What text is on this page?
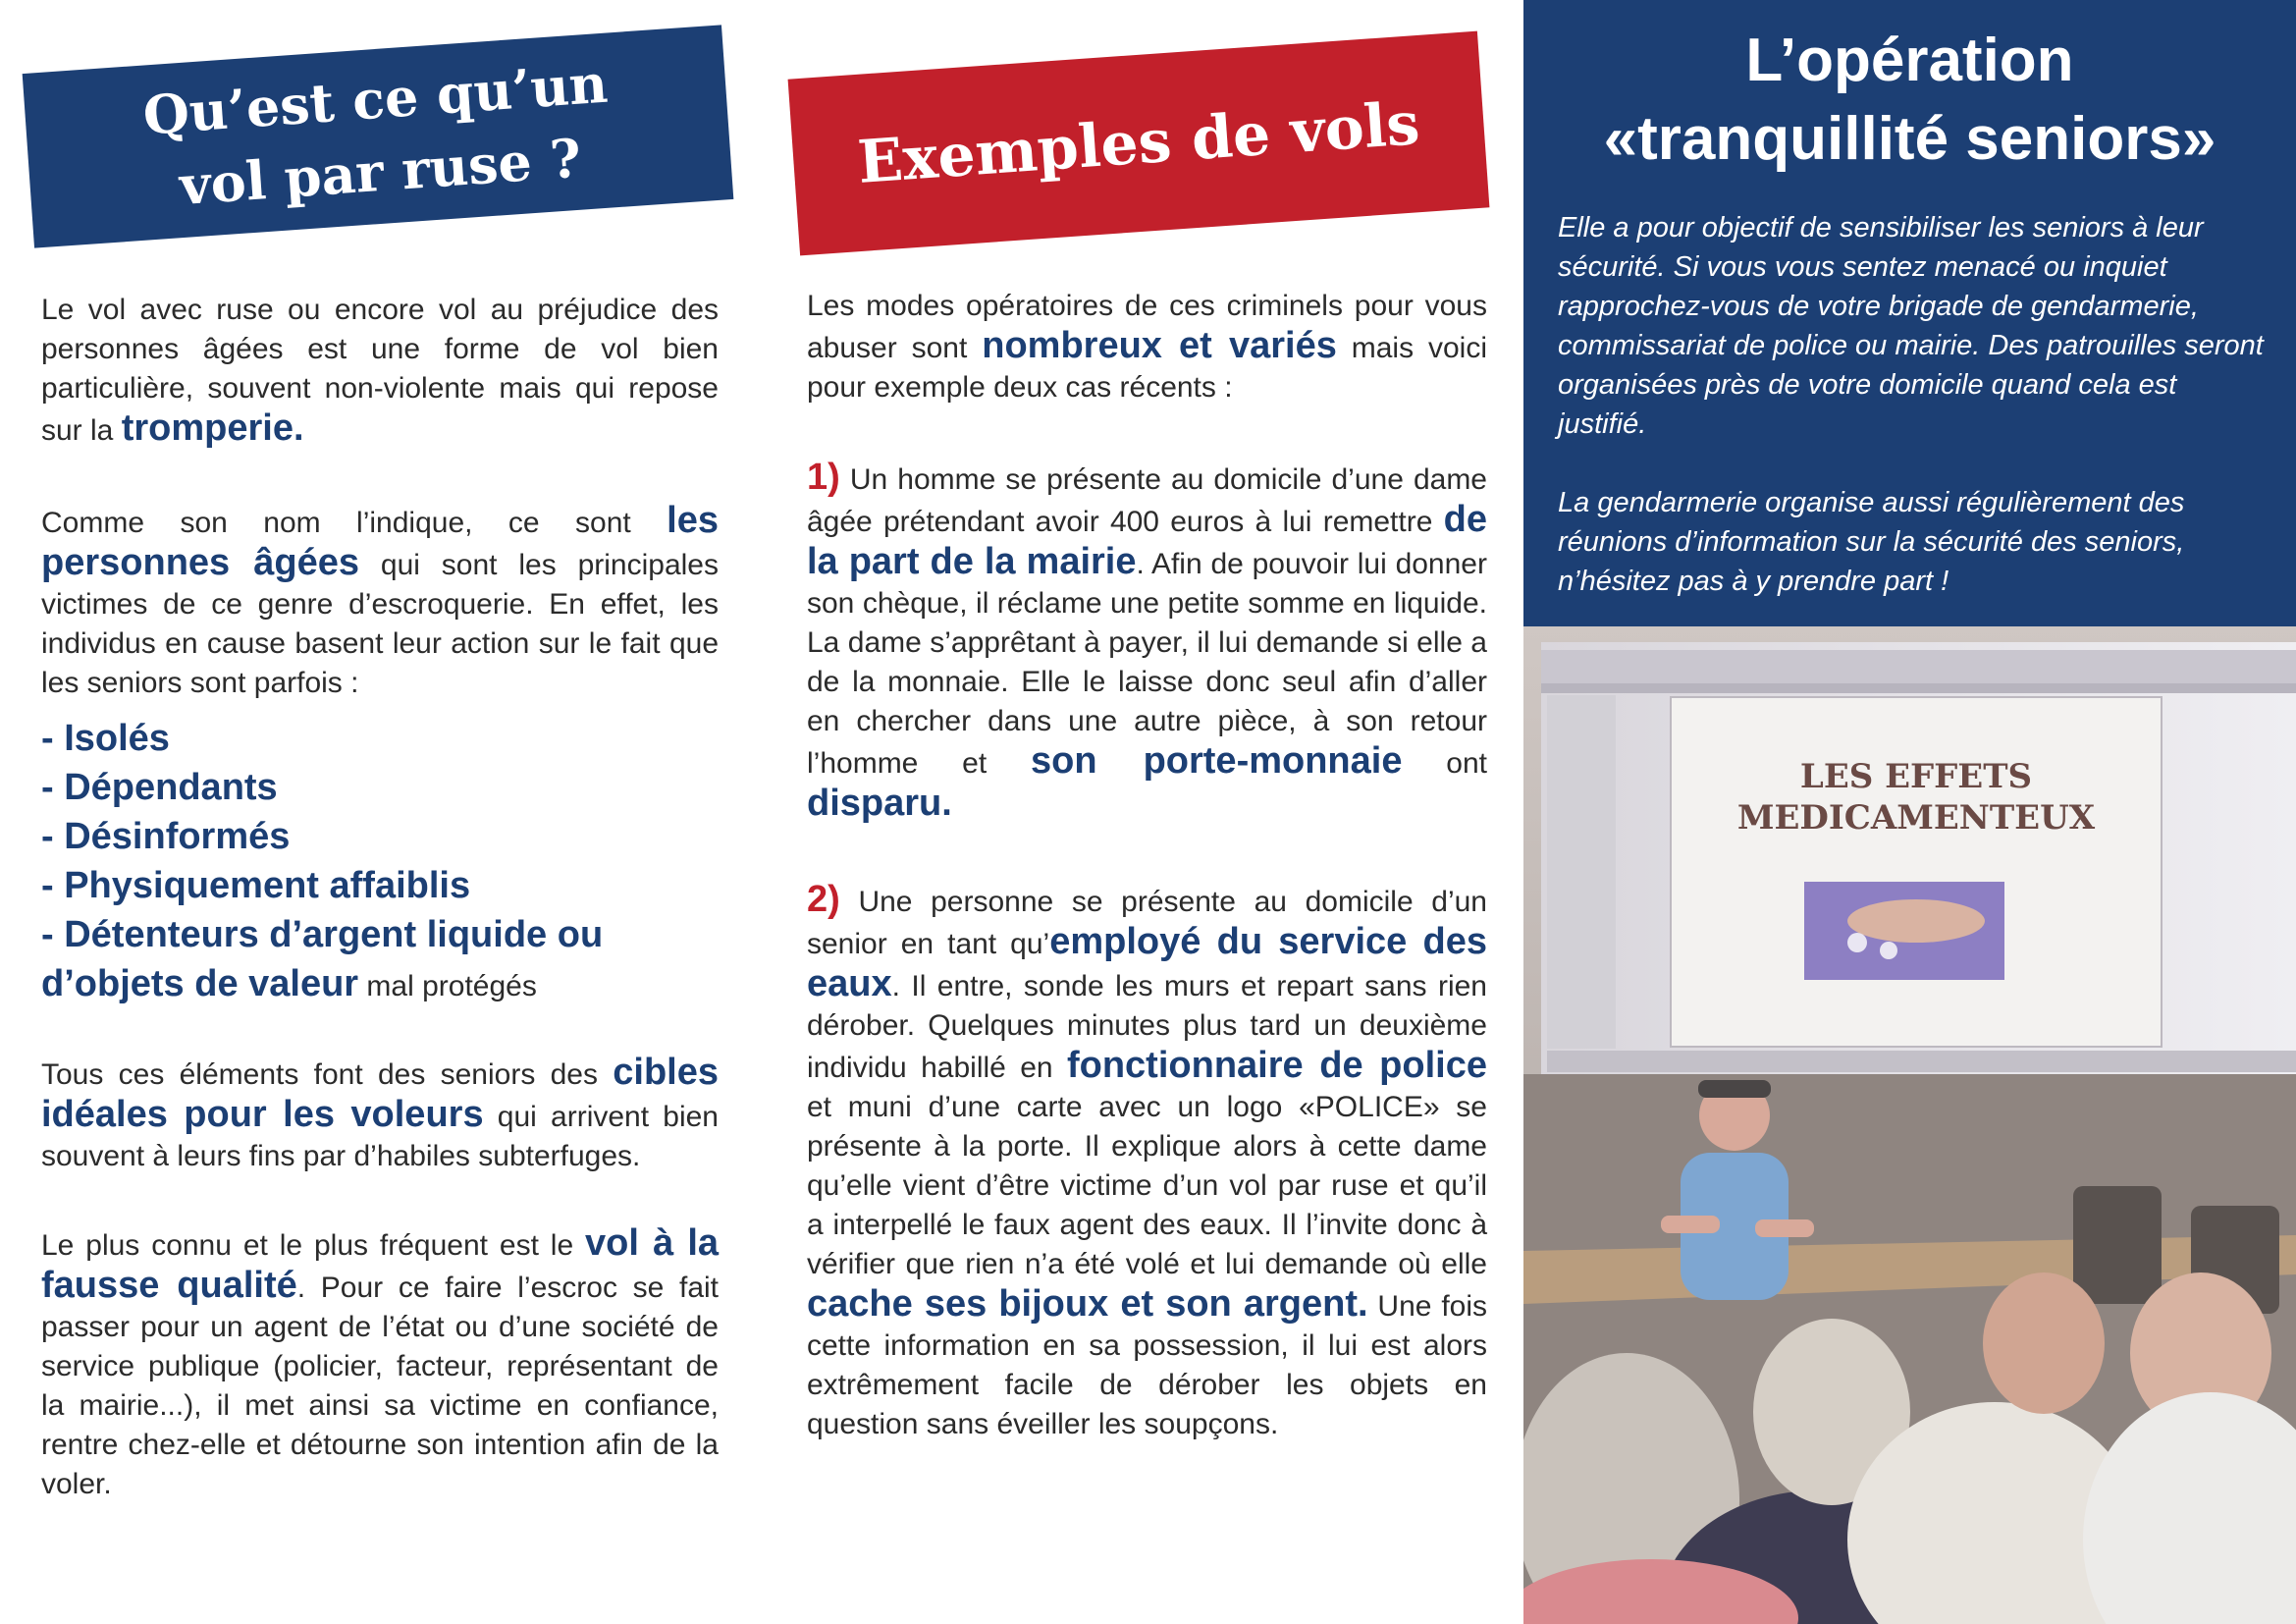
Qu’est ce qu’un
vol par ruse ?

Le vol avec ruse ou encore vol au préjudice des personnes âgées est une forme de vol bien particulière, souvent non-violente mais qui repose sur la tromperie.

Comme son nom l’indique, ce sont les personnes âgées qui sont les principales victimes de ce genre d’escroquerie. En effet, les individus en cause basent leur action sur le fait que les seniors sont parfois :

- Isolés
- Dépendants
- Désinformés
- Physiquement affaiblis
- Détenteurs d’argent liquide ou
d’objets de valeur mal protégés

Tous ces éléments font des seniors des cibles idéales pour les voleurs qui arrivent bien souvent à leurs fins par d’habiles subterfuges.

Le plus connu et le plus fréquent est le vol à la fausse qualité. Pour ce faire l’escroc se fait passer pour un agent de l’état ou d’une société de service publique (policier, facteur, représentant de la mairie...), il met ainsi sa victime en confiance, rentre chez-elle et détourne son intention afin de la voler.

Exemples de vols

Les modes opératoires de ces criminels pour vous abuser sont nombreux et variés mais voici pour exemple deux cas récents :

1) Un homme se présente au domicile d’une dame âgée prétendant avoir 400 euros à lui remettre de la part de la mairie. Afin de pouvoir lui donner son chèque, il réclame une petite somme en liquide. La dame s’apprêtant à payer, il lui demande si elle a de la monnaie. Elle le laisse donc seul afin d’aller en chercher dans une autre pièce, à son retour l’homme et son porte-monnaie ont disparu.

2) Une personne se présente au domicile d’un senior en tant qu’employé du service des eaux. Il entre, sonde les murs et repart sans rien dérober. Quelques minutes plus tard un deuxième individu habillé en fonctionnaire de police et muni d’une carte avec un logo «POLICE» se présente à la porte. Il explique alors à cette dame qu’elle vient d’être victime d’un vol par ruse et qu’il a interpellé le faux agent des eaux. Il l’invite donc à vérifier que rien n’a été volé et lui demande où elle cache ses bijoux et son argent. Une fois cette information en sa possession, il lui est alors extrêmement facile de dérober les objets en question sans éveiller les soupçons.

L’opération
«tranquillité seniors»

Elle a pour objectif de sensibiliser les seniors à leur sécurité. Si vous vous sentez menacé ou inquiet rapprochez-vous de votre brigade de gendarmerie, commissariat de police ou mairie. Des patrouilles seront organisées près de votre domicile quand cela est justifié.

La gendarmerie organise aussi régulièrement des réunions d’information sur la sécurité des seniors, n’hésitez pas à y prendre part !

LES EFFETS
MEDICAMENTEUX
